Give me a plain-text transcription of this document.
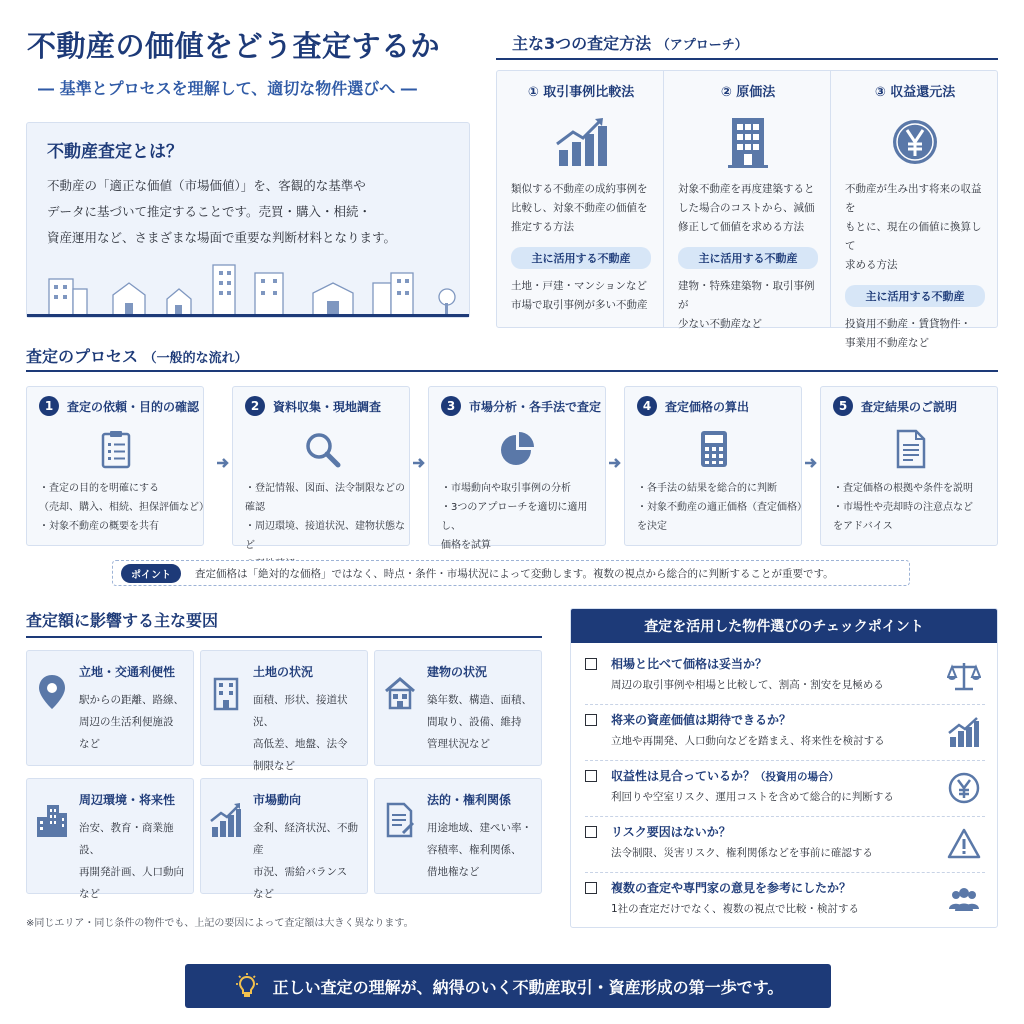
不動産の価値をどう査定するか
― 基準とプロセスを理解して、適切な物件選びへ ―
不動産査定とは？
不動産の「適正な価値（市場価値）」を、客観的な基準や
データに基づいて推定することです。売買・購入・相続・
資産運用など、さまざまな場面で重要な判断材料となります。
主な3つの査定方法 （アプローチ）
① 取引事例比較法
類似する不動産の成約事例を
比較し、対象不動産の価値を
推定する方法
主に活用する不動産
土地・戸建・マンションなど
市場で取引事例が多い不動産
② 原価法
対象不動産を再度建築すると
した場合のコストから、減価
修正して価値を求める方法
主に活用する不動産
建物・特殊建築物・取引事例が
少ない不動産など
③ 収益還元法
不動産が生み出す将来の収益を
もとに、現在の価値に換算して
求める方法
主に活用する不動産
投資用不動産・賃貸物件・
事業用不動産など
査定のプロセス （一般的な流れ）
1	査定の依頼・目的の確認
・査定の目的を明確にする
（売却、購入、相続、担保評価など）
・対象不動産の概要を共有
2	資料収集・現地調査
・登記情報、図面、法令制限などの確認
・周辺環境、接道状況、建物状態など
3	市場分析・各手法で査定
・市場動向や取引事例の分析
・3つのアプローチを適切に適用し、
価格を試算
4	査定価格の算出
・各手法の結果を総合的に判断
・対象不動産の適正価格（査定価格）
を決定
5	査定結果のご説明
・査定価格の根拠や条件を説明
・市場性や売却時の注意点など
をアドバイス
ポイント	査定価格は「絶対的な価格」ではなく、時点・条件・市場状況によって変動します。複数の視点から総合的に判断することが重要です。
査定額に影響する主な要因
立地・交通利便性
駅からの距離、路線、
周辺の生活利便施設
など
土地の状況
面積、形状、接道状況、
高低差、地盤、法令
制限など
建物の状況
築年数、構造、面積、
間取り、設備、維持
管理状況など
周辺環境・将来性
治安、教育・商業施設、
再開発計画、人口動向
など
市場動向
金利、経済状況、不動産
市況、需給バランス
など
法的・権利関係
用途地域、建ぺい率・
容積率、権利関係、
借地権など
※同じエリア・同じ条件の物件でも、上記の要因によって査定額は大きく異なります。
査定を活用した物件選びのチェックポイント
相場と比べて価格は妥当か？
周辺の取引事例や相場と比較して、割高・割安を見極める
将来の資産価値は期待できるか？
立地や再開発、人口動向などを踏まえ、将来性を検討する
収益性は見合っているか？（投資用の場合）
利回りや空室リスク、運用コストを含めて総合的に判断する
リスク要因はないか？
法令制限、災害リスク、権利関係などを事前に確認する
複数の査定や専門家の意見を参考にしたか？
1社の査定だけでなく、複数の視点で比較・検討する
正しい査定の理解が、納得のいく不動産取引・資産形成の第一歩です。
